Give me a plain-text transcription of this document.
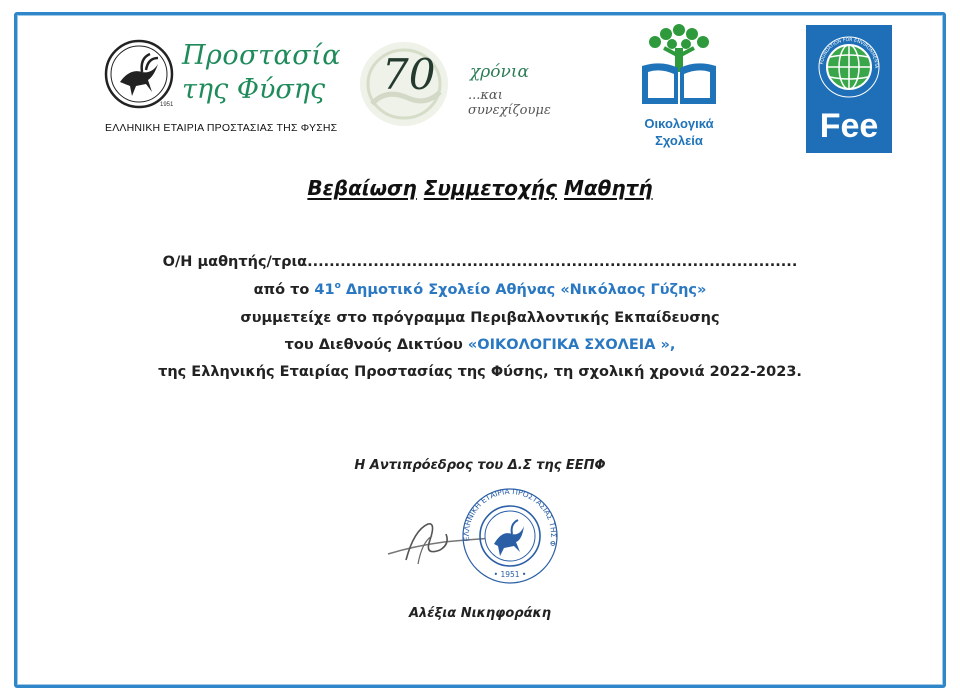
Προστασία
της Φύσης
1951
ΕΛΛΗΝΙΚΗ ΕΤΑΙΡΙΑ ΠΡΟΣΤΑΣΙΑΣ ΤΗΣ ΦΥΣΗΣ
70 χρόνια
...και συνεχίζουμε
Οικολογικά
Σχολεία
FOUNDATION FOR ENVIRONMENTA
Fee
Βεβαίωση Συμμετοχής Μαθητή
Ο/Η μαθητής/τρια.........................................................................................
από το $41^o$ Δημοτικό Σχολείο Αθήνας «Νικόλαος Γύζης»
συμμετείχε στο πρόγραμμα Περιβαλλοντικής Εκπαίδευσης
του Διεθνούς Δικτύου «ΟΙΚΟΛΟΓΙΚΑ ΣΧΟΛΕΙΑ »,
της Ελληνικής Εταιρίας Προστασίας της Φύσης, τη σχολική χρονιά 2022-2023.
Η Αντιπρόεδρος του Δ.Σ της ΕΕΠΦ
ΕΛΛΗΝΙΚΗ ΕΤΑΙΡΙΑ ΠΡΟΣΤΑΣΙΑΣ ΤΗΣ Φ
• 1951 •
Αλέξια Νικηφοράκη
